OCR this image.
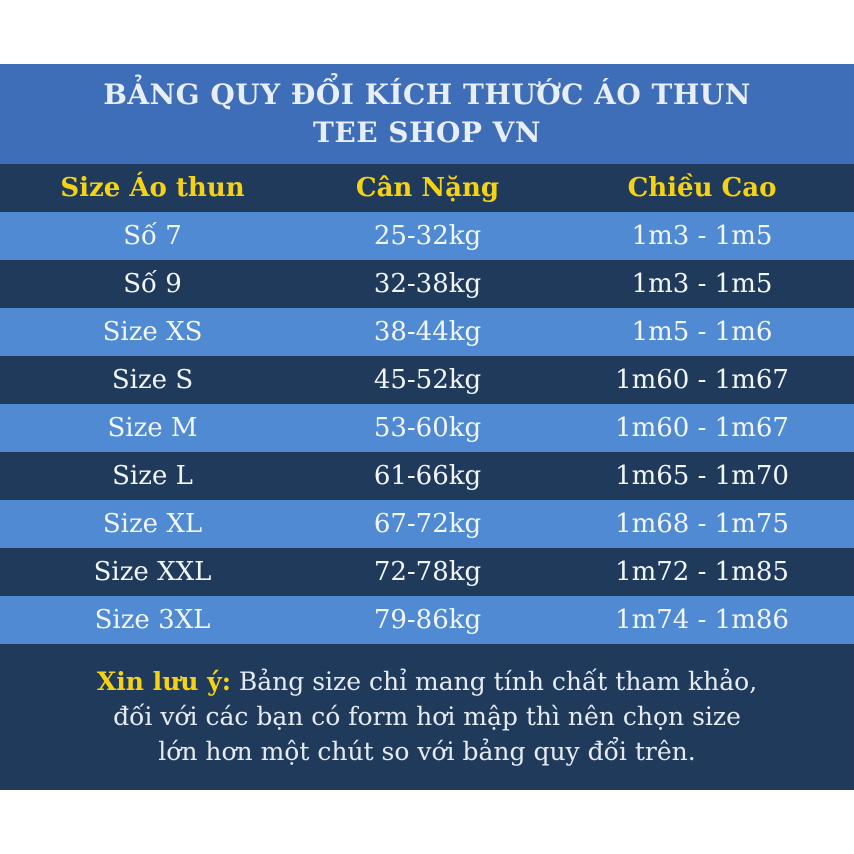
BẢNG QUY ĐỔI KÍCH THƯỚC ÁO THUN
TEE SHOP VN
Size Áo thun	Cân Nặng	Chiều Cao
Số 7	25-32kg	1m3 - 1m5
Số 9	32-38kg	1m3 - 1m5
Size XS	38-44kg	1m5 - 1m6
Size S	45-52kg	1m60 - 1m67
Size M	53-60kg	1m60 - 1m67
Size L	61-66kg	1m65 - 1m70
Size XL	67-72kg	1m68 - 1m75
Size XXL	72-78kg	1m72 - 1m85
Size 3XL	79-86kg	1m74 - 1m86
Xin lưu ý: Bảng size chỉ mang tính chất tham khảo,
đối với các bạn có form hơi mập thì nên chọn size
lớn hơn một chút so với bảng quy đổi trên.
